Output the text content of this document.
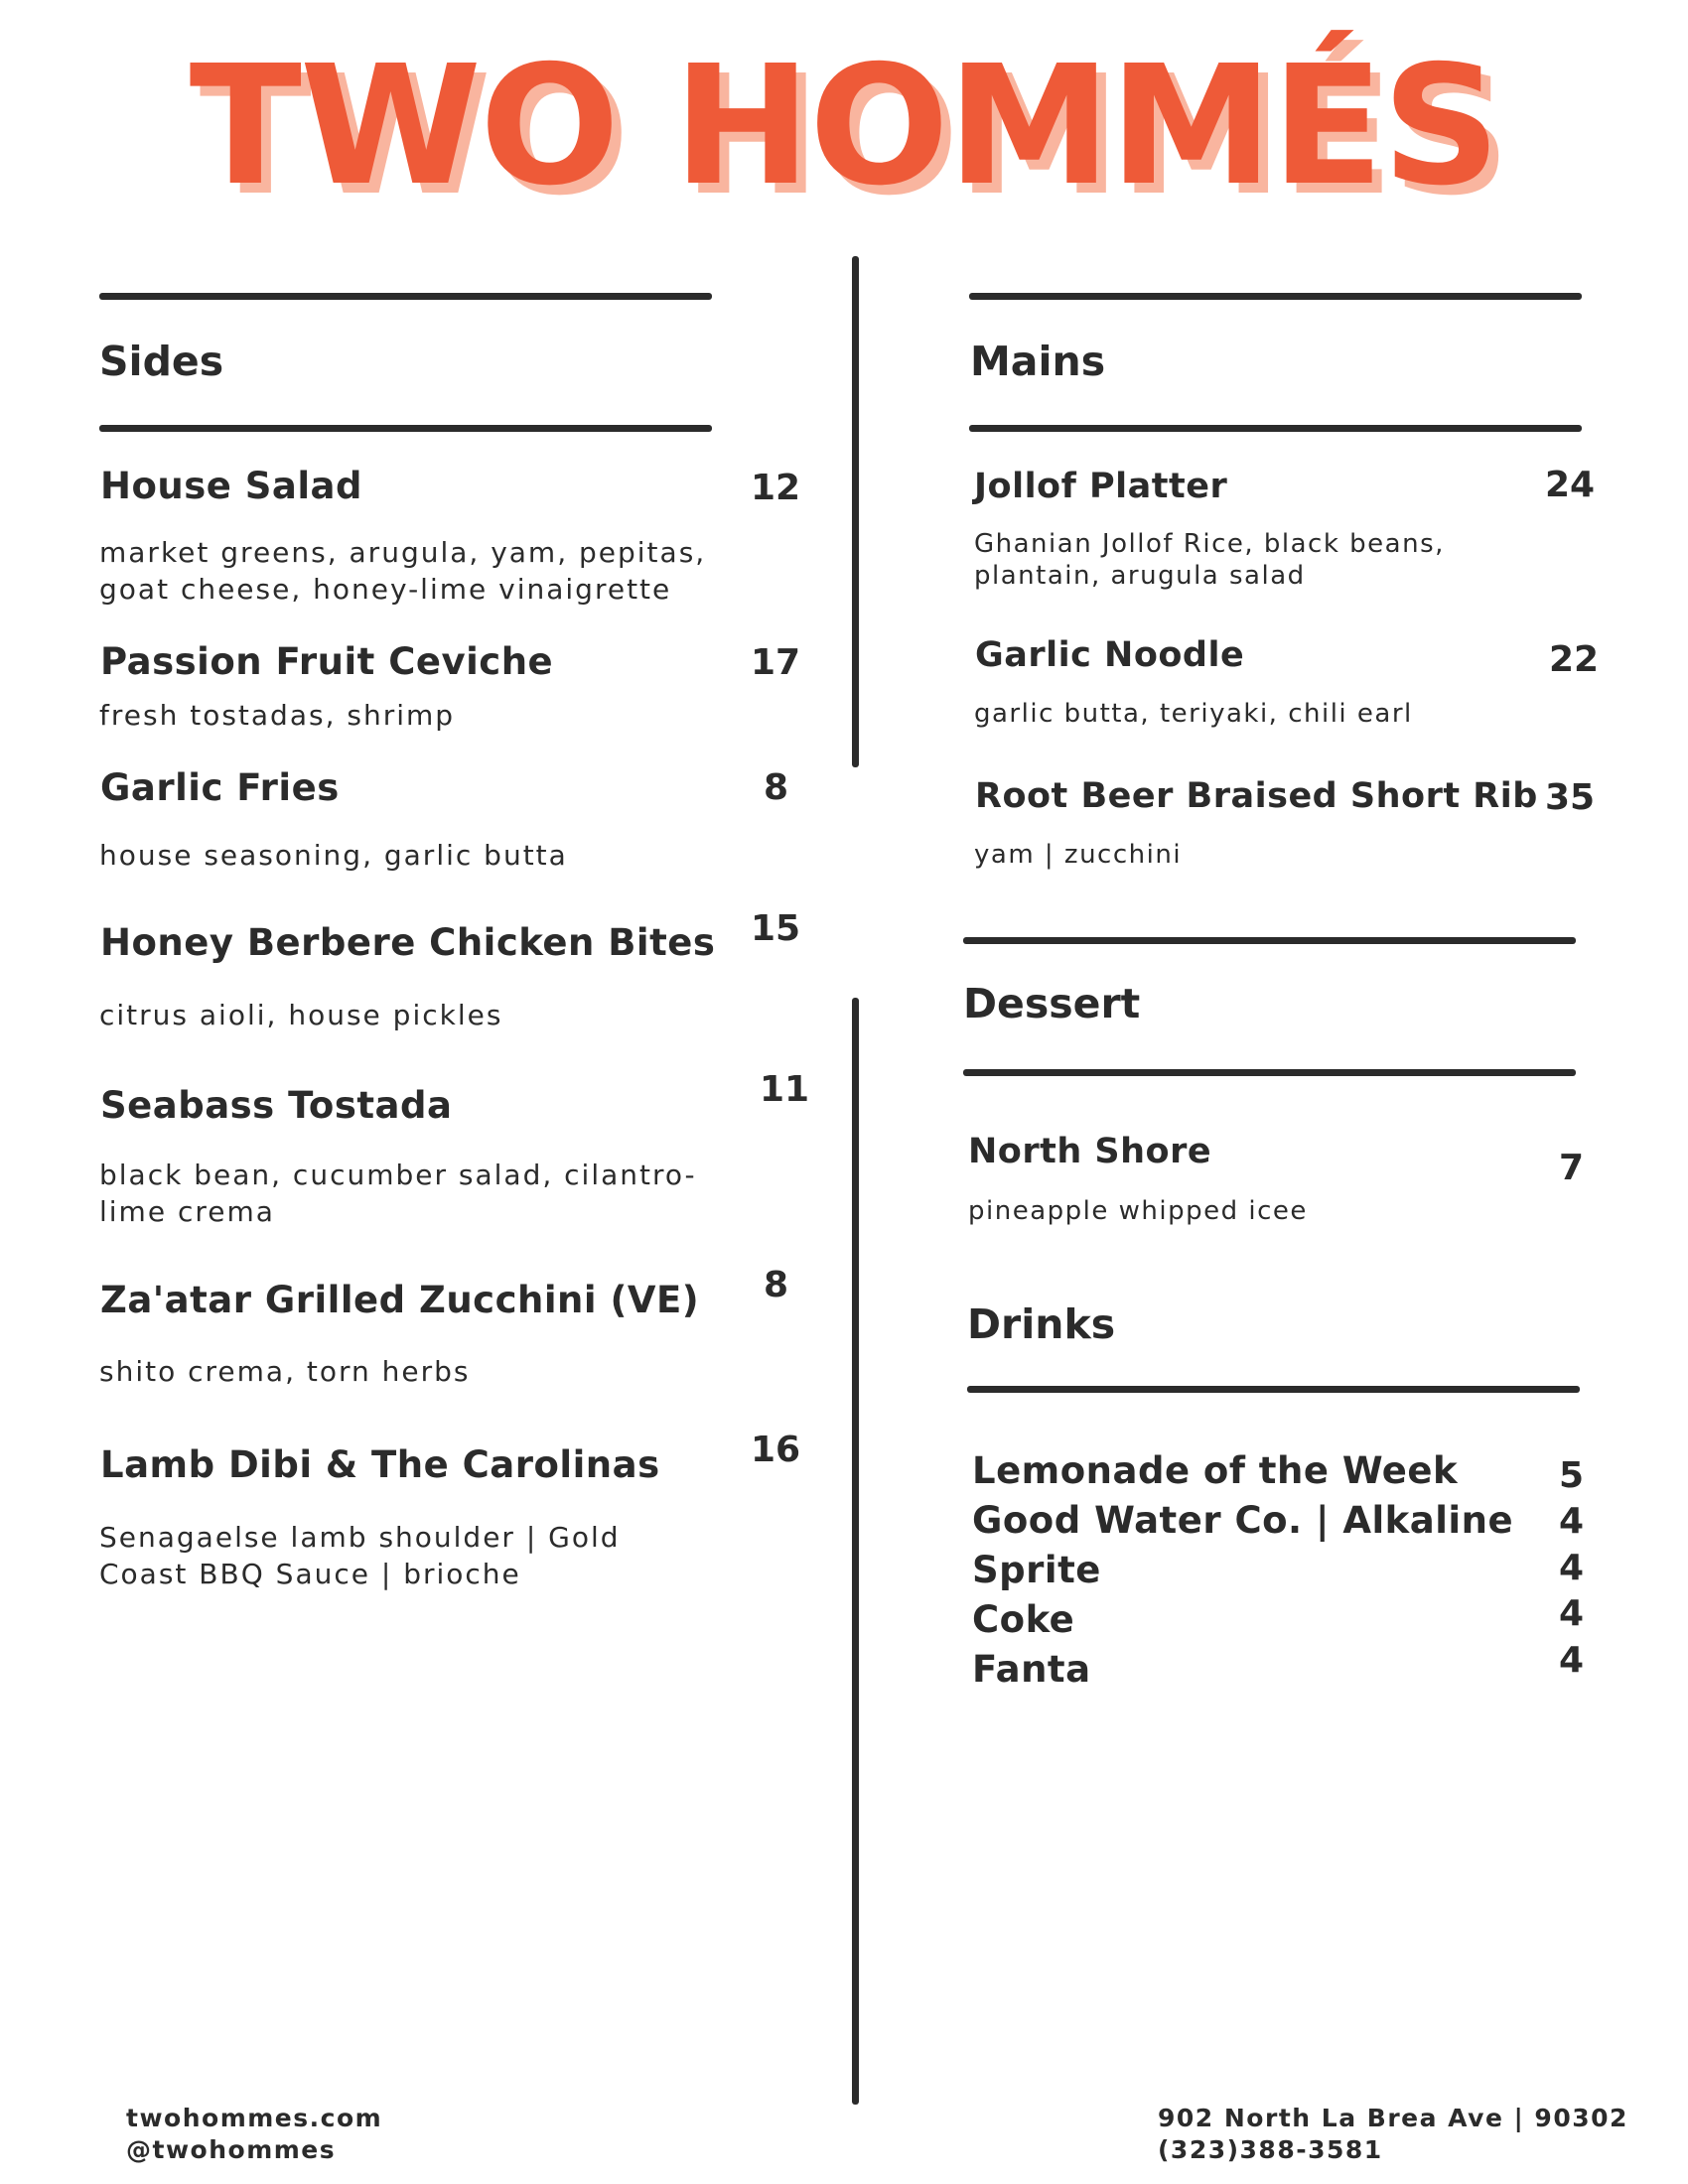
TWO HOMMÉS
Sides
House Salad	12
market greens, arugula, yam, pepitas, goat cheese, honey-lime vinaigrette
Passion Fruit Ceviche	17
fresh tostadas, shrimp
Garlic Fries	8
house seasoning, garlic butta
Honey Berbere Chicken Bites 15
citrus aioli, house pickles
Seabass Tostada	11
black bean, cucumber salad, cilantro-lime crema
Za'atar Grilled Zucchini (VE) 8
shito crema, torn herbs
Lamb Dibi & The Carolinas	16
Senagaelse lamb shoulder | Gold Coast BBQ Sauce | brioche
Mains
Jollof Platter	24
Ghanian Jollof Rice, black beans, plantain, arugula salad
Garlic Noodle	22
garlic butta, teriyaki, chili earl
Root Beer Braised Short Rib 35
yam | zucchini
Dessert
North Shore	7
pineapple whipped icee
Drinks
Lemonade of the Week	5
Good Water Co. | Alkaline 4
Sprite	4
Coke	4
Fanta	4
twohommes.com
@twohommes
902 North La Brea Ave | 90302
(323)388-3581
